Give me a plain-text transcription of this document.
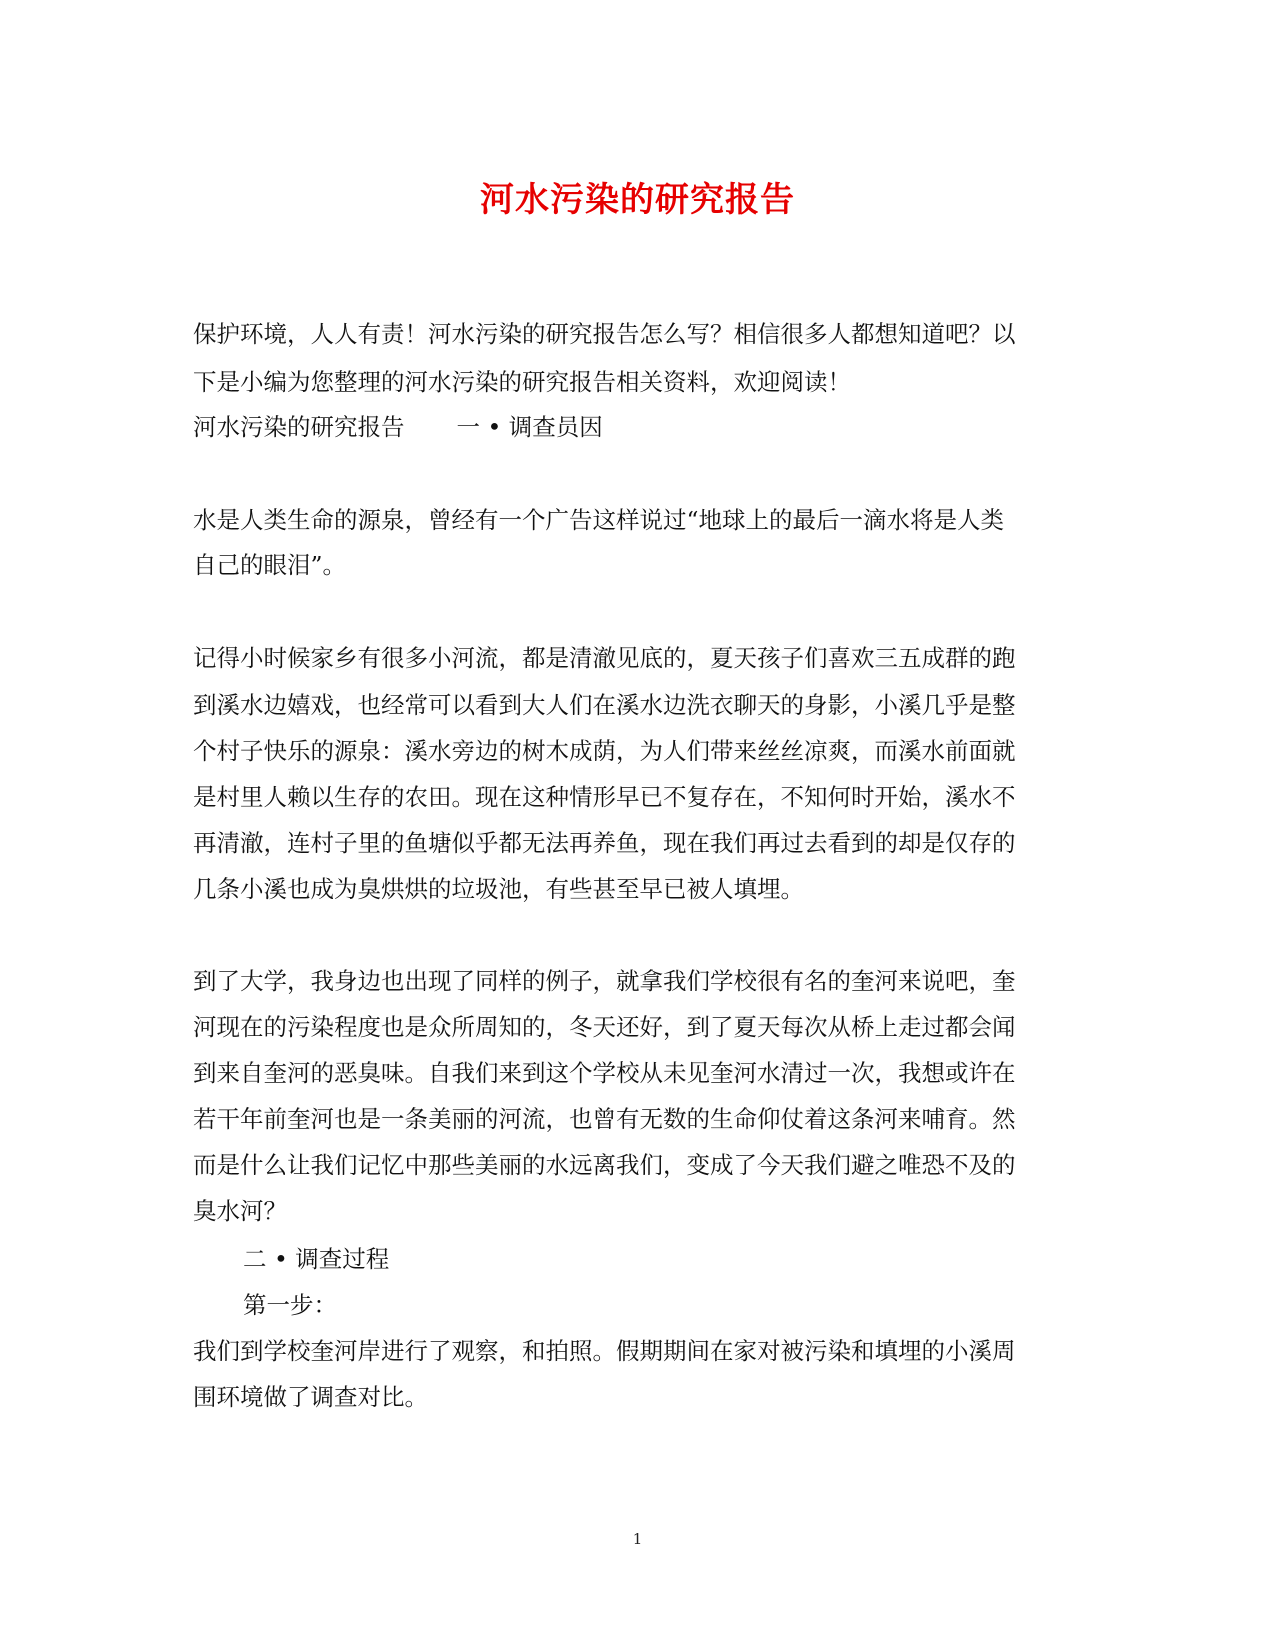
河水污染的研究报告
保护环境，人人有责！河水污染的研究报告怎么写？相信很多人都想知道吧？以
下是小编为您整理的河水污染的研究报告相关资料，欢迎阅读！
河水污染的研究报告 一 • 调查员因
水是人类生命的源泉，曾经有一个广告这样说过“地球上的最后一滴水将是人类
自己的眼泪”。
记得小时候家乡有很多小河流，都是清澈见底的，夏天孩子们喜欢三五成群的跑
到溪水边嬉戏，也经常可以看到大人们在溪水边洗衣聊天的身影，小溪几乎是整
个村子快乐的源泉：溪水旁边的树木成荫，为人们带来丝丝凉爽，而溪水前面就
是村里人赖以生存的农田。现在这种情形早已不复存在，不知何时开始，溪水不
再清澈，连村子里的鱼塘似乎都无法再养鱼，现在我们再过去看到的却是仅存的
几条小溪也成为臭烘烘的垃圾池，有些甚至早已被人填埋。
到了大学，我身边也出现了同样的例子，就拿我们学校很有名的奎河来说吧，奎
河现在的污染程度也是众所周知的，冬天还好，到了夏天每次从桥上走过都会闻
到来自奎河的恶臭味。自我们来到这个学校从未见奎河水清过一次，我想或许在
若干年前奎河也是一条美丽的河流，也曾有无数的生命仰仗着这条河来哺育。然
而是什么让我们记忆中那些美丽的水远离我们，变成了今天我们避之唯恐不及的
臭水河？
二 • 调查过程
第一步：
我们到学校奎河岸进行了观察，和拍照。假期期间在家对被污染和填埋的小溪周
围环境做了调查对比。
1
